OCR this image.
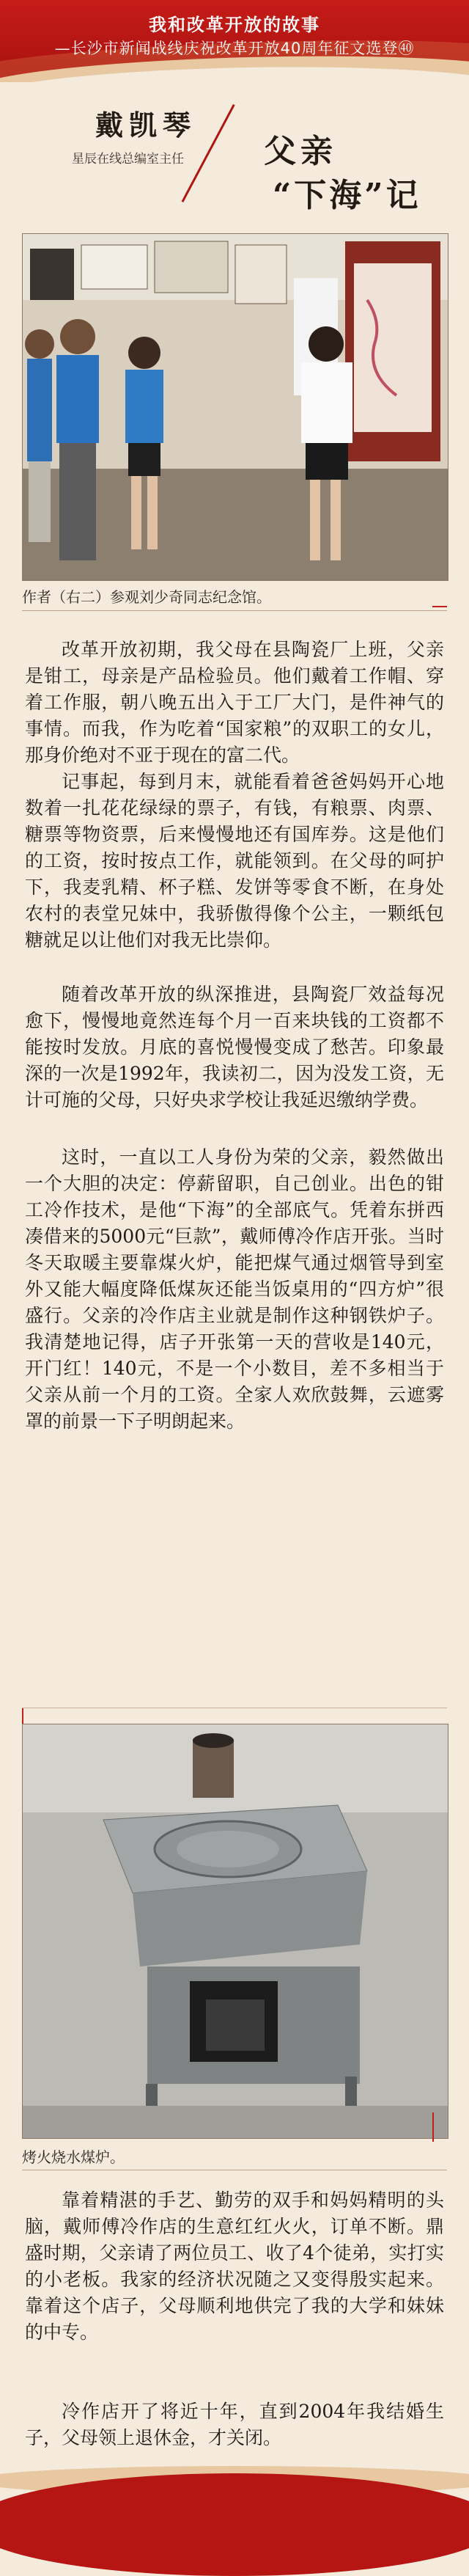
我和改革开放的故事
—长沙市新闻战线庆祝改革开放40周年征文选登㊵
戴凯琴
星辰在线总编室主任 父亲
“下海”记
作者（右二）参观刘少奇同志纪念馆。

改革开放初期，我父母在县陶瓷厂上班，父亲是钳工，母亲是产品检验员。他们戴着工作帽、穿着工作服，朝八晚五出入于工厂大门，是件神气的事情。而我，作为吃着“国家粮”的双职工的女儿，那身价绝对不亚于现在的富二代。

记事起，每到月末，就能看着爸爸妈妈开心地数着一扎花花绿绿的票子，有钱，有粮票、肉票、糖票等物资票，后来慢慢地还有国库券。这是他们的工资，按时按点工作，就能领到。在父母的呵护下，我麦乳精、杯子糕、发饼等零食不断，在身处农村的表堂兄妹中，我骄傲得像个公主，一颗纸包糖就足以让他们对我无比崇仰。

随着改革开放的纵深推进，县陶瓷厂效益每况愈下，慢慢地竟然连每个月一百来块钱的工资都不能按时发放。月底的喜悦慢慢变成了愁苦。印象最深的一次是1992年，我读初二，因为没发工资，无计可施的父母，只好央求学校让我延迟缴纳学费。

这时，一直以工人身份为荣的父亲，毅然做出一个大胆的决定：停薪留职，自己创业。出色的钳工冷作技术，是他“下海”的全部底气。凭着东拼西凑借来的5000元“巨款”，戴师傅冷作店开张。当时冬天取暖主要靠煤火炉，能把煤气通过烟管导到室外又能大幅度降低煤灰还能当饭桌用的“四方炉”很盛行。父亲的冷作店主业就是制作这种钢铁炉子。我清楚地记得，店子开张第一天的营收是140元，开门红！140元，不是一个小数目，差不多相当于父亲从前一个月的工资。全家人欢欣鼓舞，云遮雾罩的前景一下子明朗起来。

烤火烧水煤炉。

靠着精湛的手艺、勤劳的双手和妈妈精明的头脑，戴师傅冷作店的生意红红火火，订单不断。鼎盛时期，父亲请了两位员工、收了4个徒弟，实打实的小老板。我家的经济状况随之又变得殷实起来。靠着这个店子，父母顺利地供完了我的大学和妹妹的中专。

冷作店开了将近十年，直到2004年我结婚生子，父母领上退休金，才关闭。
